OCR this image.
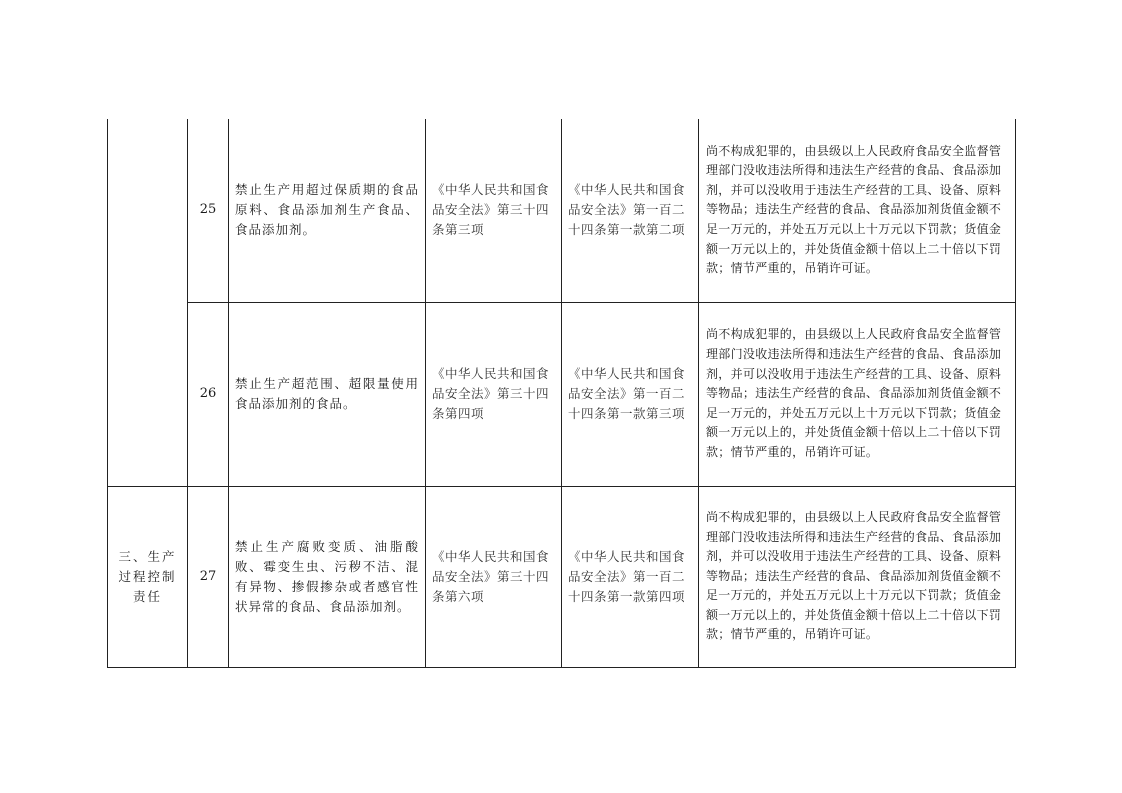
	25	禁止生产用超过保质期的食品原料、食品添加剂生产食品、食品添加剂。	《中华人民共和国食品安全法》第三十四条第三项	《中华人民共和国食品安全法》第一百二十四条第一款第二项	尚不构成犯罪的，由县级以上人民政府食品安全监督管理部门没收违法所得和违法生产经营的食品、食品添加剂，并可以没收用于违法生产经营的工具、设备、原料等物品；违法生产经营的食品、食品添加剂货值金额不足一万元的，并处五万元以上十万元以下罚款；货值金额一万元以上的，并处货值金额十倍以上二十倍以下罚款；情节严重的，吊销许可证。
	26	禁止生产超范围、超限量使用食品添加剂的食品。	《中华人民共和国食品安全法》第三十四条第四项	《中华人民共和国食品安全法》第一百二十四条第一款第三项	尚不构成犯罪的，由县级以上人民政府食品安全监督管理部门没收违法所得和违法生产经营的食品、食品添加剂，并可以没收用于违法生产经营的工具、设备、原料等物品；违法生产经营的食品、食品添加剂货值金额不足一万元的，并处五万元以上十万元以下罚款；货值金额一万元以上的，并处货值金额十倍以上二十倍以下罚款；情节严重的，吊销许可证。
三、生产过程控制责任	27	禁止生产腐败变质、油脂酸败、霉变生虫、污秽不洁、混有异物、掺假掺杂或者感官性状异常的食品、食品添加剂。	《中华人民共和国食品安全法》第三十四条第六项	《中华人民共和国食品安全法》第一百二十四条第一款第四项	尚不构成犯罪的，由县级以上人民政府食品安全监督管理部门没收违法所得和违法生产经营的食品、食品添加剂，并可以没收用于违法生产经营的工具、设备、原料等物品；违法生产经营的食品、食品添加剂货值金额不足一万元的，并处五万元以上十万元以下罚款；货值金额一万元以上的，并处货值金额十倍以上二十倍以下罚款；情节严重的，吊销许可证。
